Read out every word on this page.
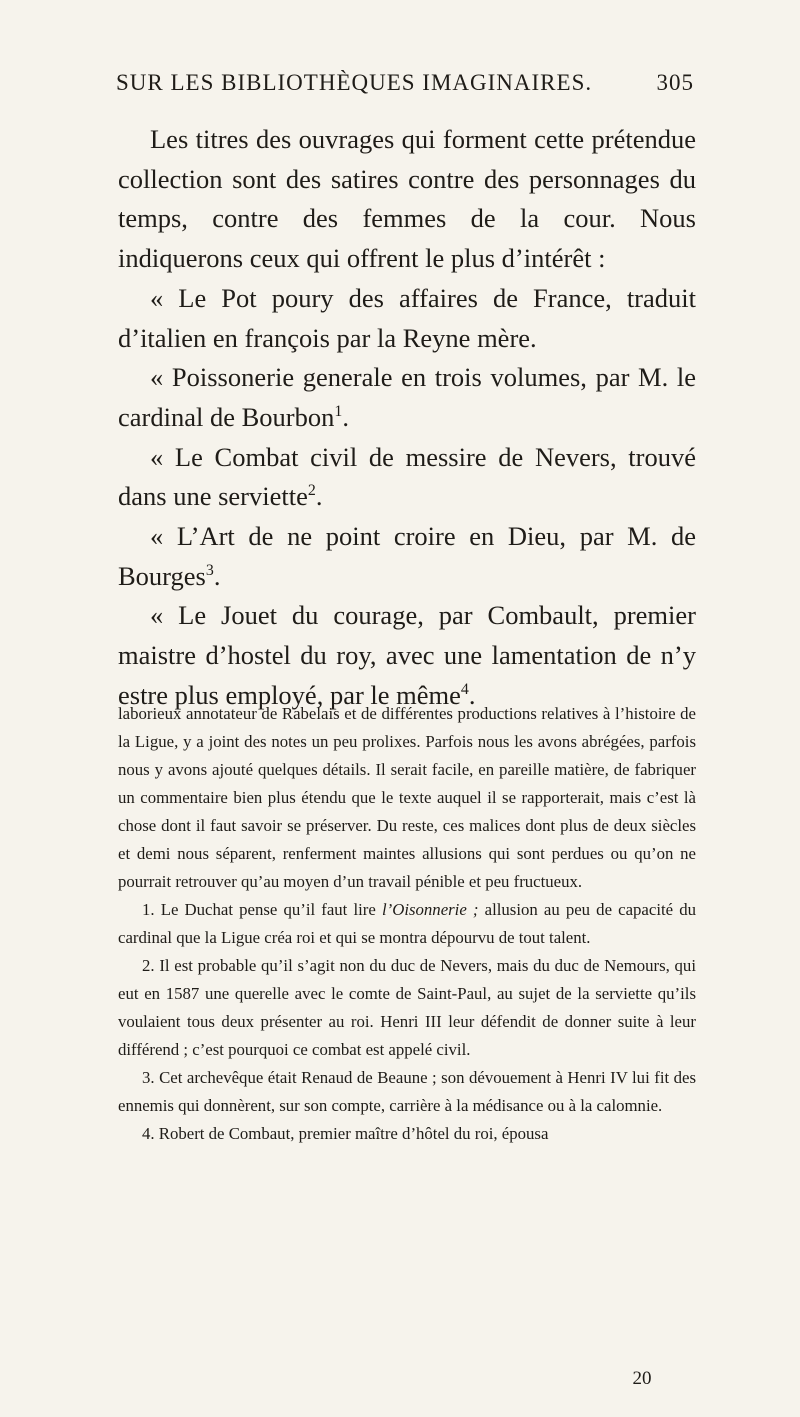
SUR LES BIBLIOTHÈQUES IMAGINAIRES.	305

Les titres des ouvrages qui forment cette prétendue collection sont des satires contre des personnages du temps, contre des femmes de la cour. Nous indiquerons ceux qui offrent le plus d’intérêt :

« Le Pot poury des affaires de France, traduit d’italien en françois par la Reyne mère.

« Poissonerie generale en trois volumes, par M. le cardinal de Bourbon$^1$.

« Le Combat civil de messire de Nevers, trouvé dans une serviette$^2$.

« L’Art de ne point croire en Dieu, par M. de Bourges$^3$.

« Le Jouet du courage, par Combault, premier maistre d’hostel du roy, avec une lamentation de n’y estre plus employé, par le même$^4$.

laborieux annotateur de Rabelais et de différentes productions relatives à l’histoire de la Ligue, y a joint des notes un peu prolixes. Parfois nous les avons abrégées, parfois nous y avons ajouté quelques détails. Il serait facile, en pareille matière, de fabriquer un commentaire bien plus étendu que le texte auquel il se rapporterait, mais c’est là chose dont il faut savoir se préserver. Du reste, ces malices dont plus de deux siècles et demi nous séparent, renferment maintes allusions qui sont perdues ou qu’on ne pourrait retrouver qu’au moyen d’un travail pénible et peu fructueux.

1. Le Duchat pense qu’il faut lire l’Oisonnerie ; allusion au peu de capacité du cardinal que la Ligue créa roi et qui se montra dépourvu de tout talent.

2. Il est probable qu’il s’agit non du duc de Nevers, mais du duc de Nemours, qui eut en 1587 une querelle avec le comte de Saint-Paul, au sujet de la serviette qu’ils voulaient tous deux présenter au roi. Henri III leur défendit de donner suite à leur différend ; c’est pourquoi ce combat est appelé civil.

3. Cet archevêque était Renaud de Beaune ; son dévouement à Henri IV lui fit des ennemis qui donnèrent, sur son compte, carrière à la médisance ou à la calomnie.

4. Robert de Combaut, premier maître d’hôtel du roi, épousa

20
